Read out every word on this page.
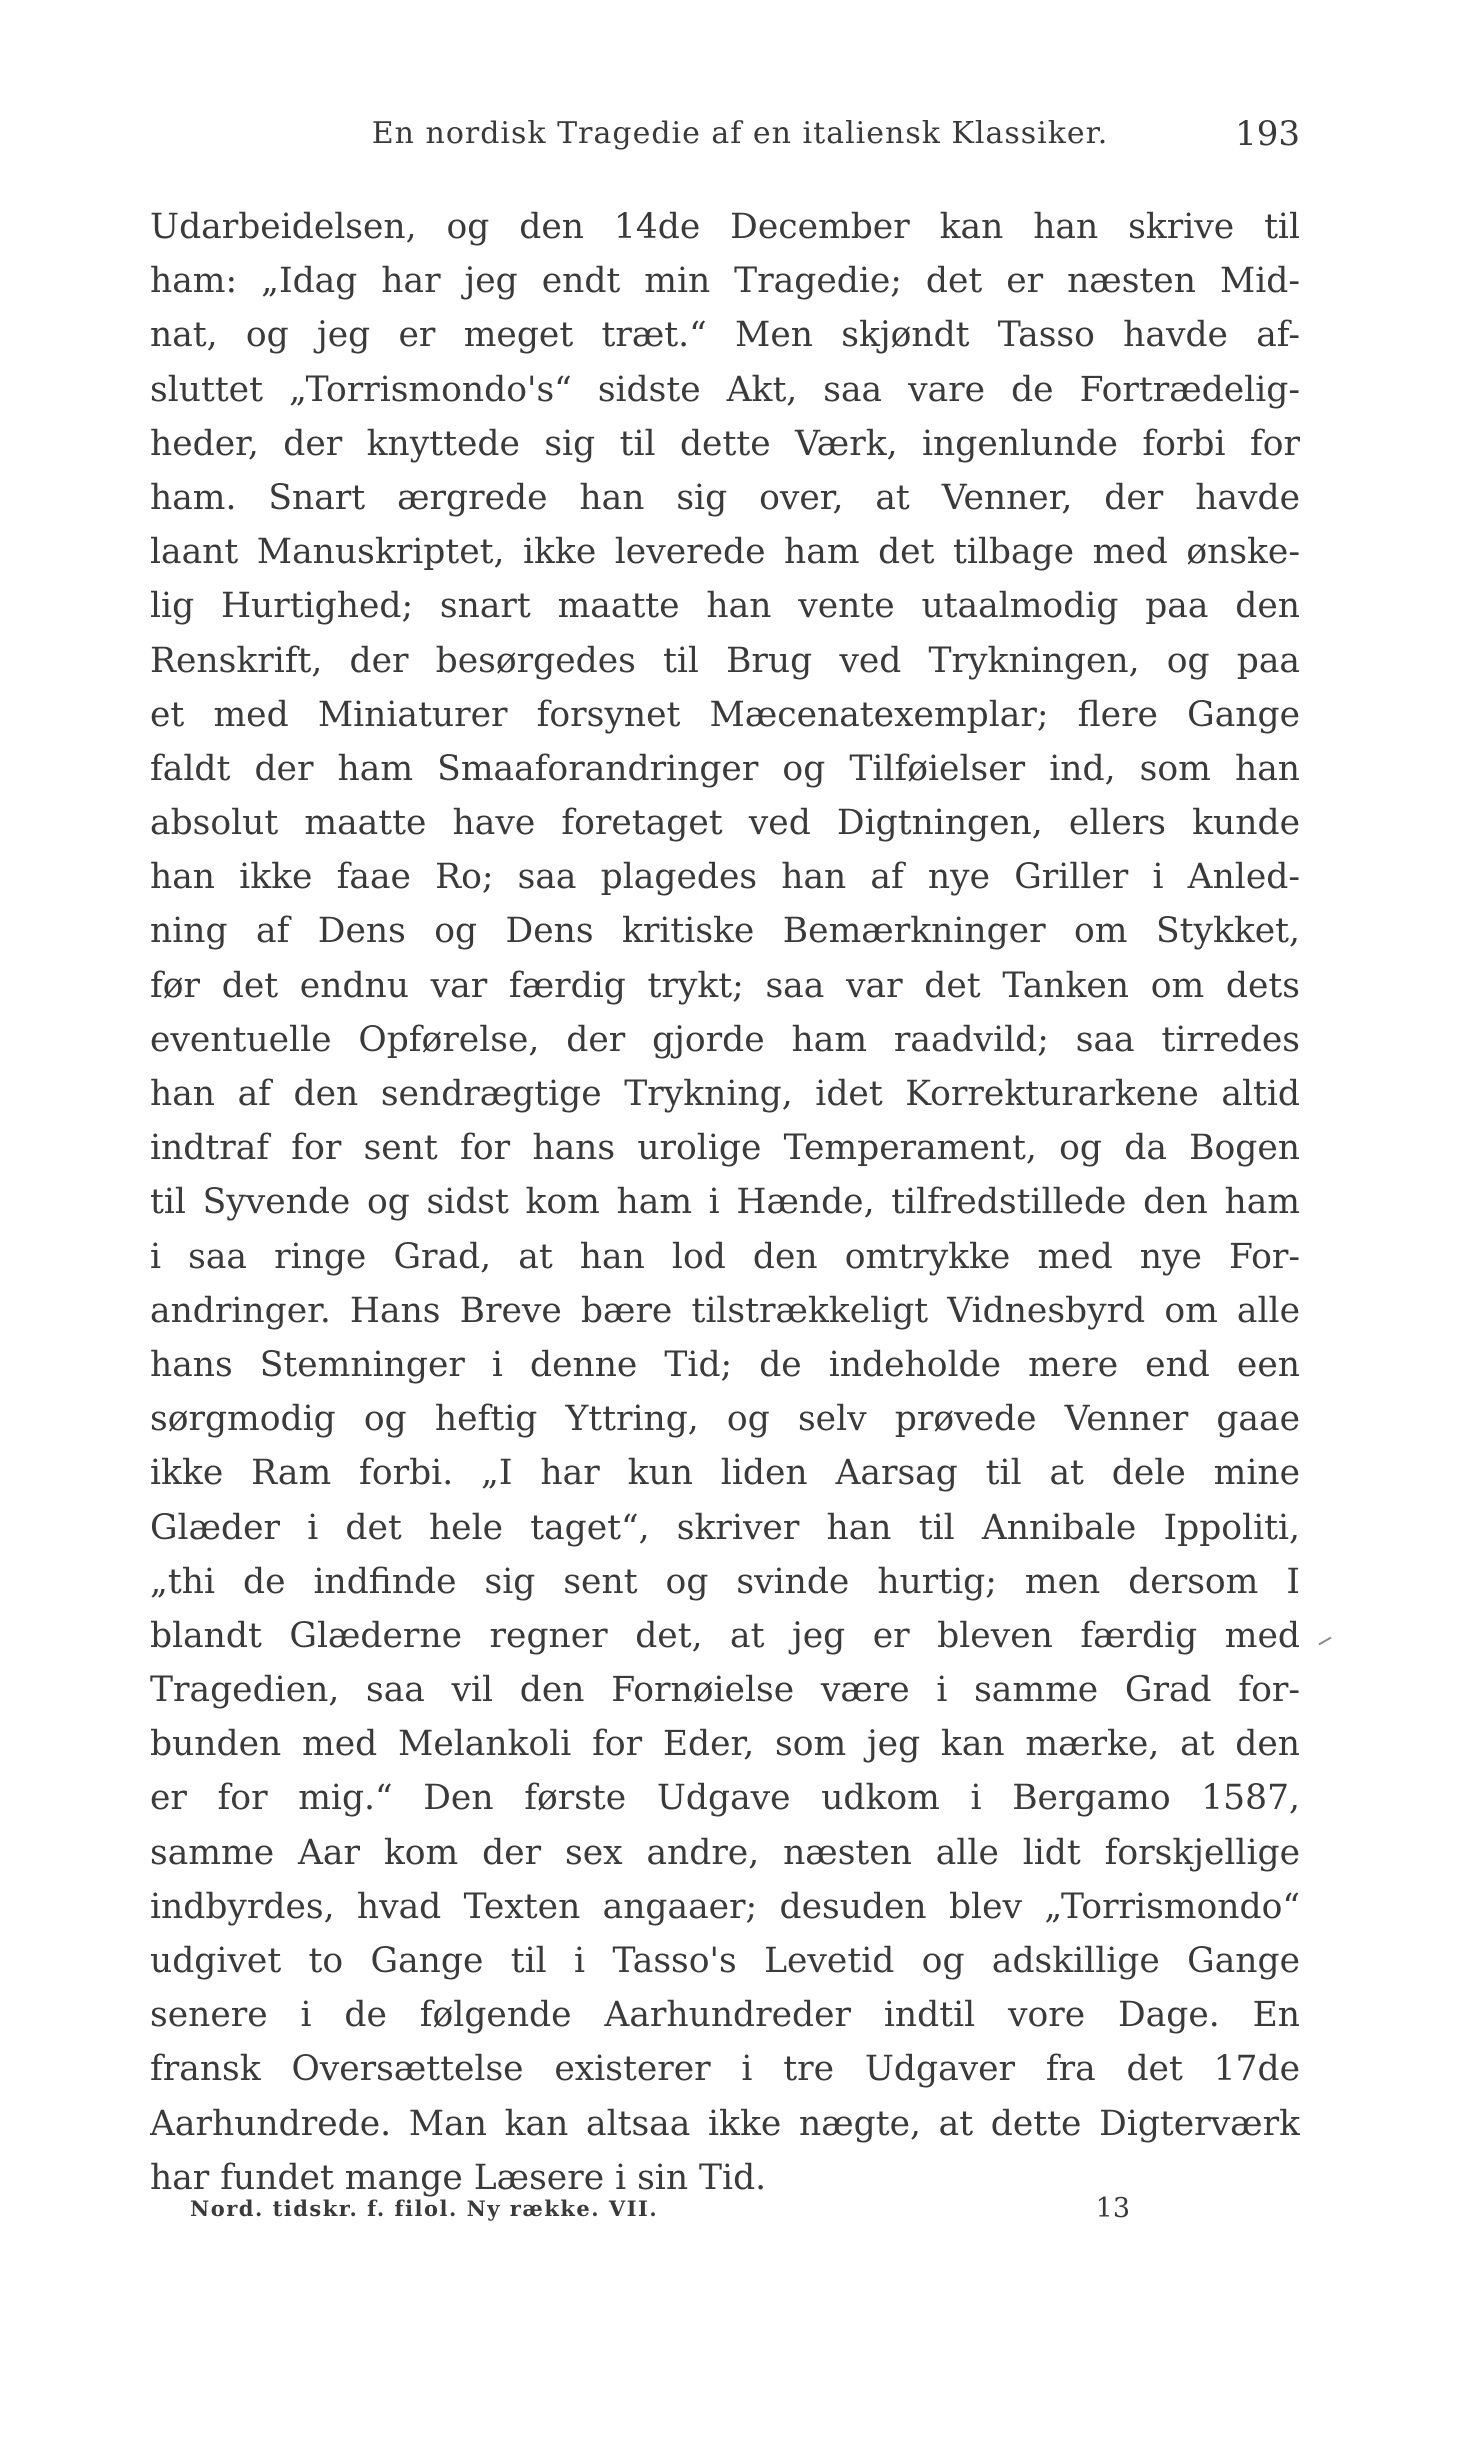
En nordisk Tragedie af en italiensk Klassiker.	193
Udarbeidelsen, og den 14de December kan han skrive til
ham: „Idag har jeg endt min Tragedie; det er næsten Mid-
nat, og jeg er meget træt.“ Men skjøndt Tasso havde af-
sluttet „Torrismondo's“ sidste Akt, saa vare de Fortrædelig-
heder, der knyttede sig til dette Værk, ingenlunde forbi for
ham. Snart ærgrede han sig over, at Venner, der havde
laant Manuskriptet, ikke leverede ham det tilbage med ønske-
lig Hurtighed; snart maatte han vente utaalmodig paa den
Renskrift, der besørgedes til Brug ved Trykningen, og paa
et med Miniaturer forsynet Mæcenatexemplar; flere Gange
faldt der ham Smaaforandringer og Tilføielser ind, som han
absolut maatte have foretaget ved Digtningen, ellers kunde
han ikke faae Ro; saa plagedes han af nye Griller i Anled-
ning af Dens og Dens kritiske Bemærkninger om Stykket,
før det endnu var færdig trykt; saa var det Tanken om dets
eventuelle Opførelse, der gjorde ham raadvild; saa tirredes
han af den sendrægtige Trykning, idet Korrekturarkene altid
indtraf for sent for hans urolige Temperament, og da Bogen
til Syvende og sidst kom ham i Hænde, tilfredstillede den ham
i saa ringe Grad, at han lod den omtrykke med nye For-
andringer. Hans Breve bære tilstrækkeligt Vidnesbyrd om alle
hans Stemninger i denne Tid; de indeholde mere end een
sørgmodig og heftig Yttring, og selv prøvede Venner gaae
ikke Ram forbi. „I har kun liden Aarsag til at dele mine
Glæder i det hele taget“, skriver han til Annibale Ippoliti,
„thi de indfinde sig sent og svinde hurtig; men dersom I
blandt Glæderne regner det, at jeg er bleven færdig med
Tragedien, saa vil den Fornøielse være i samme Grad for-
bunden med Melankoli for Eder, som jeg kan mærke, at den
er for mig.“ Den første Udgave udkom i Bergamo 1587,
samme Aar kom der sex andre, næsten alle lidt forskjellige
indbyrdes, hvad Texten angaaer; desuden blev „Torrismondo“
udgivet to Gange til i Tasso's Levetid og adskillige Gange
senere i de følgende Aarhundreder indtil vore Dage. En
fransk Oversættelse existerer i tre Udgaver fra det 17de
Aarhundrede. Man kan altsaa ikke nægte, at dette Digterværk
har fundet mange Læsere i sin Tid.
Nord. tidskr. f. filol. Ny række. VII.	13
